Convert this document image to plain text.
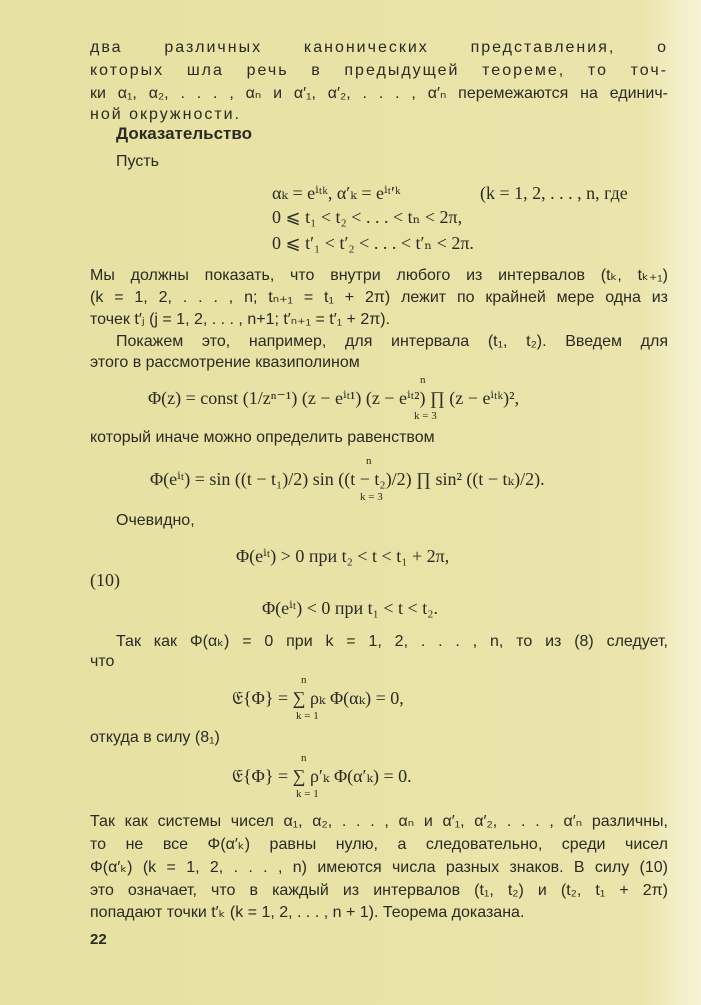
два различных канонических представления, о
которых шла речь в предыдущей теореме, то точ-
ки α₁, α₂, . . . , αₙ и α′₁, α′₂, . . . , α′ₙ перемежаются на единич-
ной окружности.
Доказательство
Пусть
αₖ = eⁱᵗᵏ, α′ₖ = eⁱᵗ′ᵏ	(k = 1, 2, . . . , n, где
0 ⩽ t₁ < t₂ < . . . < tₙ < 2π,
0 ⩽ t′₁ < t′₂ < . . . < t′ₙ < 2π.
Мы должны показать, что внутри любого из интервалов (tₖ, tₖ₊₁)
(k = 1, 2, . . . , n; tₙ₊₁ = t₁ + 2π) лежит по крайней мере одна из
точек t′ⱼ (j = 1, 2, . . . , n+1; t′ₙ₊₁ = t′₁ + 2π).
Покажем это, например, для интервала (t₁, t₂). Введем для
этого в рассмотрение квазиполином
n
Φ(z) = const (1/zⁿ⁻¹) (z − eⁱᵗ¹) (z − eⁱᵗ²) ∏ (z − eⁱᵗᵏ)²,
k = 3
который иначе можно определить равенством
n
Φ(eⁱᵗ) = sin ((t − t₁)/2) sin ((t − t₂)/2) ∏ sin² ((t − tₖ)/2).
k = 3
Очевидно,
Φ(eⁱᵗ) > 0 при t₂ < t < t₁ + 2π,
(10)
Φ(eⁱᵗ) < 0 при t₁ < t < t₂.
Так как Φ(αₖ) = 0 при k = 1, 2, . . . , n, то из (8) следует,
что
n
𝔈{Φ} = ∑ ρₖ Φ(αₖ) = 0,
k = 1
откуда в силу (8₁)
n
𝔈{Φ} = ∑ ρ′ₖ Φ(α′ₖ) = 0.
k = 1
Так как системы чисел α₁, α₂, . . . , αₙ и α′₁, α′₂, . . . , α′ₙ различны,
то не все Φ(α′ₖ) равны нулю, а следовательно, среди чисел
Φ(α′ₖ) (k = 1, 2, . . . , n) имеются числа разных знаков. В силу (10)
это означает, что в каждый из интервалов (t₁, t₂) и (t₂, t₁ + 2π)
попадают точки t′ₖ (k = 1, 2, . . . , n + 1). Теорема доказана.
22
